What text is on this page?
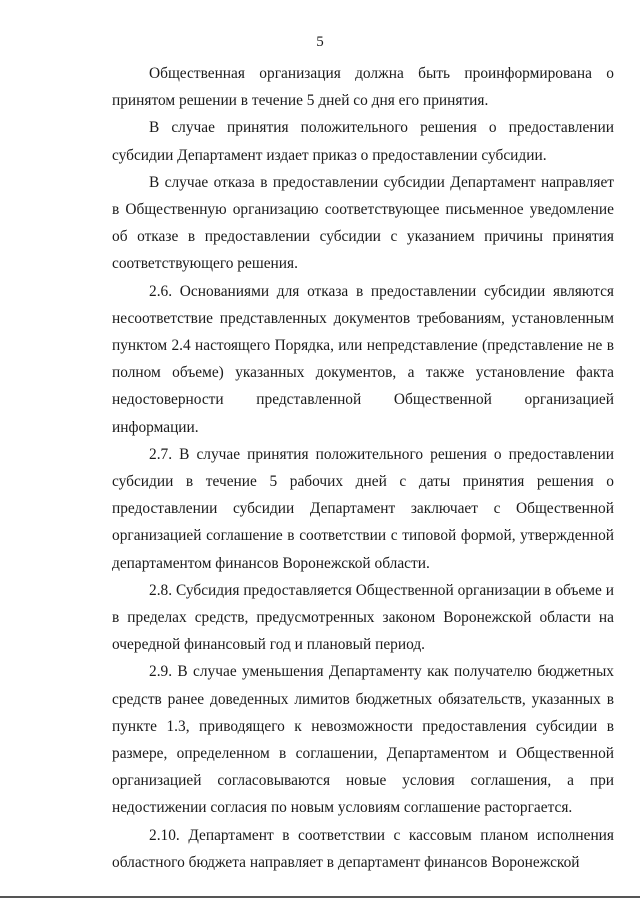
5

Общественная организация должна быть проинформирована о принятом решении в течение 5 дней со дня его принятия.

В случае принятия положительного решения о предоставлении субсидии Департамент издает приказ о предоставлении субсидии.

В случае отказа в предоставлении субсидии Департамент направляет в Общественную организацию соответствующее письменное уведомление об отказе в предоставлении субсидии с указанием причины принятия соответствующего решения.

2.6. Основаниями для отказа в предоставлении субсидии являются несоответствие представленных документов требованиям, установленным пунктом 2.4 настоящего Порядка, или непредставление (представление не в полном объеме) указанных документов, а также установление факта недостоверности представленной Общественной организацией информации.

2.7. В случае принятия положительного решения о предоставлении субсидии в течение 5 рабочих дней с даты принятия решения о предоставлении субсидии Департамент заключает с Общественной организацией соглашение в соответствии с типовой формой, утвержденной департаментом финансов Воронежской области.

2.8. Субсидия предоставляется Общественной организации в объеме и в пределах средств, предусмотренных законом Воронежской области на очередной финансовый год и плановый период.

2.9. В случае уменьшения Департаменту как получателю бюджетных средств ранее доведенных лимитов бюджетных обязательств, указанных в пункте 1.3, приводящего к невозможности предоставления субсидии в размере, определенном в соглашении, Департаментом и Общественной организацией согласовываются новые условия соглашения, а при недостижении согласия по новым условиям соглашение расторгается.

2.10. Департамент в соответствии с кассовым планом исполнения областного бюджета направляет в департамент финансов Воронежской
